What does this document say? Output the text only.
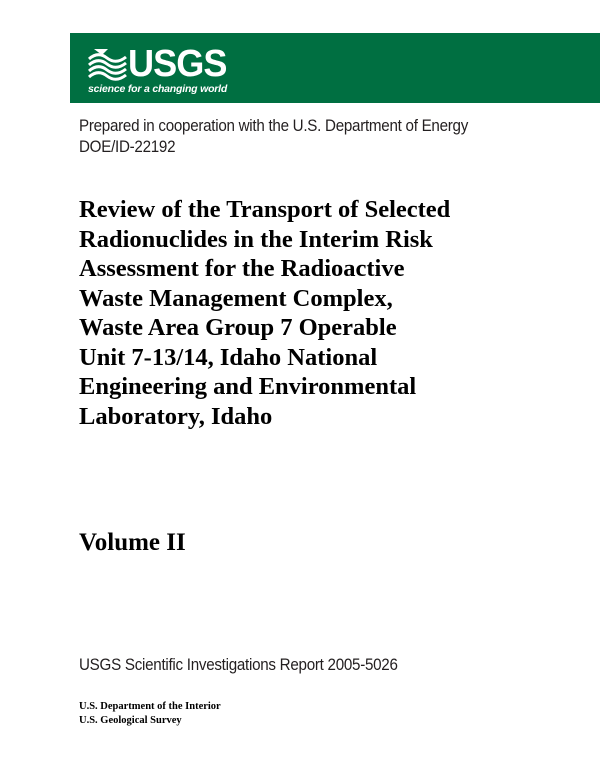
USGS
science for a changing world
Prepared in cooperation with the U.S. Department of Energy
DOE/ID-22192
Review of the Transport of Selected
Radionuclides in the Interim Risk
Assessment for the Radioactive
Waste Management Complex,
Waste Area Group 7 Operable
Unit 7-13/14, Idaho National
Engineering and Environmental
Laboratory, Idaho
Volume II
USGS Scientific Investigations Report 2005-5026
U.S. Department of the Interior
U.S. Geological Survey
